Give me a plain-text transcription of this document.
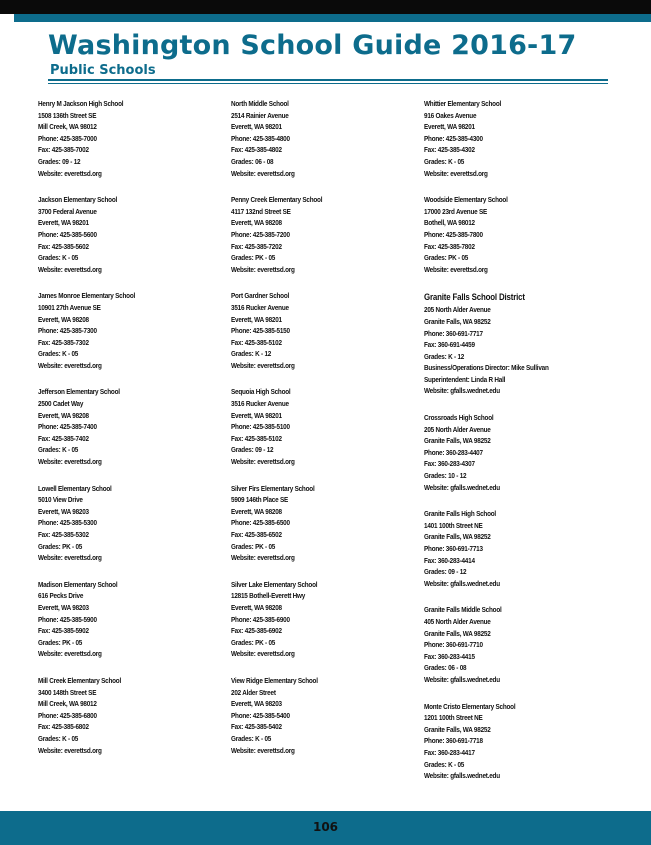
Washington School Guide 2016-17
Public Schools
Henry M Jackson High School
1508 136th Street SE
Mill Creek, WA 98012
Phone: 425-385-7000
Fax: 425-385-7002
Grades: 09 - 12
Website: everettsd.org
Jackson Elementary School
3700 Federal Avenue
Everett, WA 98201
Phone: 425-385-5600
Fax: 425-385-5602
Grades: K - 05
Website: everettsd.org
James Monroe Elementary School
10901 27th Avenue SE
Everett, WA 98208
Phone: 425-385-7300
Fax: 425-385-7302
Grades: K - 05
Website: everettsd.org
Jefferson Elementary School
2500 Cadet Way
Everett, WA 98208
Phone: 425-385-7400
Fax: 425-385-7402
Grades: K - 05
Website: everettsd.org
Lowell Elementary School
5010 View Drive
Everett, WA 98203
Phone: 425-385-5300
Fax: 425-385-5302
Grades: PK - 05
Website: everettsd.org
Madison Elementary School
616 Pecks Drive
Everett, WA 98203
Phone: 425-385-5900
Fax: 425-385-5902
Grades: PK - 05
Website: everettsd.org
Mill Creek Elementary School
3400 148th Street SE
Mill Creek, WA 98012
Phone: 425-385-6800
Fax: 425-385-6802
Grades: K - 05
Website: everettsd.org
North Middle School
2514 Rainier Avenue
Everett, WA 98201
Phone: 425-385-4800
Fax: 425-385-4802
Grades: 06 - 08
Website: everettsd.org
Penny Creek Elementary School
4117 132nd Street SE
Everett, WA 98208
Phone: 425-385-7200
Fax: 425-385-7202
Grades: PK - 05
Website: everettsd.org
Port Gardner School
3516 Rucker Avenue
Everett, WA 98201
Phone: 425-385-5150
Fax: 425-385-5102
Grades: K - 12
Website: everettsd.org
Sequoia High School
3516 Rucker Avenue
Everett, WA 98201
Phone: 425-385-5100
Fax: 425-385-5102
Grades: 09 - 12
Website: everettsd.org
Silver Firs Elementary School
5909 146th Place SE
Everett, WA 98208
Phone: 425-385-6500
Fax: 425-385-6502
Grades: PK - 05
Website: everettsd.org
Silver Lake Elementary School
12815 Bothell-Everett Hwy
Everett, WA 98208
Phone: 425-385-6900
Fax: 425-385-6902
Grades: PK - 05
Website: everettsd.org
View Ridge Elementary School
202 Alder Street
Everett, WA 98203
Phone: 425-385-5400
Fax: 425-385-5402
Grades: K - 05
Website: everettsd.org
Whittier Elementary School
916 Oakes Avenue
Everett, WA 98201
Phone: 425-385-4300
Fax: 425-385-4302
Grades: K - 05
Website: everettsd.org
Woodside Elementary School
17000 23rd Avenue SE
Bothell, WA 98012
Phone: 425-385-7800
Fax: 425-385-7802
Grades: PK - 05
Website: everettsd.org
Granite Falls School District
205 North Alder Avenue
Granite Falls, WA 98252
Phone: 360-691-7717
Fax: 360-691-4459
Grades: K - 12
Business/Operations Director: Mike Sullivan
Superintendent: Linda R Hall
Website: gfalls.wednet.edu
Crossroads High School
205 North Alder Avenue
Granite Falls, WA 98252
Phone: 360-283-4407
Fax: 360-283-4307
Grades: 10 - 12
Website: gfalls.wednet.edu
Granite Falls High School
1401 100th Street NE
Granite Falls, WA 98252
Phone: 360-691-7713
Fax: 360-283-4414
Grades: 09 - 12
Website: gfalls.wednet.edu
Granite Falls Middle School
405 North Alder Avenue
Granite Falls, WA 98252
Phone: 360-691-7710
Fax: 360-283-4415
Grades: 06 - 08
Website: gfalls.wednet.edu
Monte Cristo Elementary School
1201 100th Street NE
Granite Falls, WA 98252
Phone: 360-691-7718
Fax: 360-283-4417
Grades: K - 05
Website: gfalls.wednet.edu
106
